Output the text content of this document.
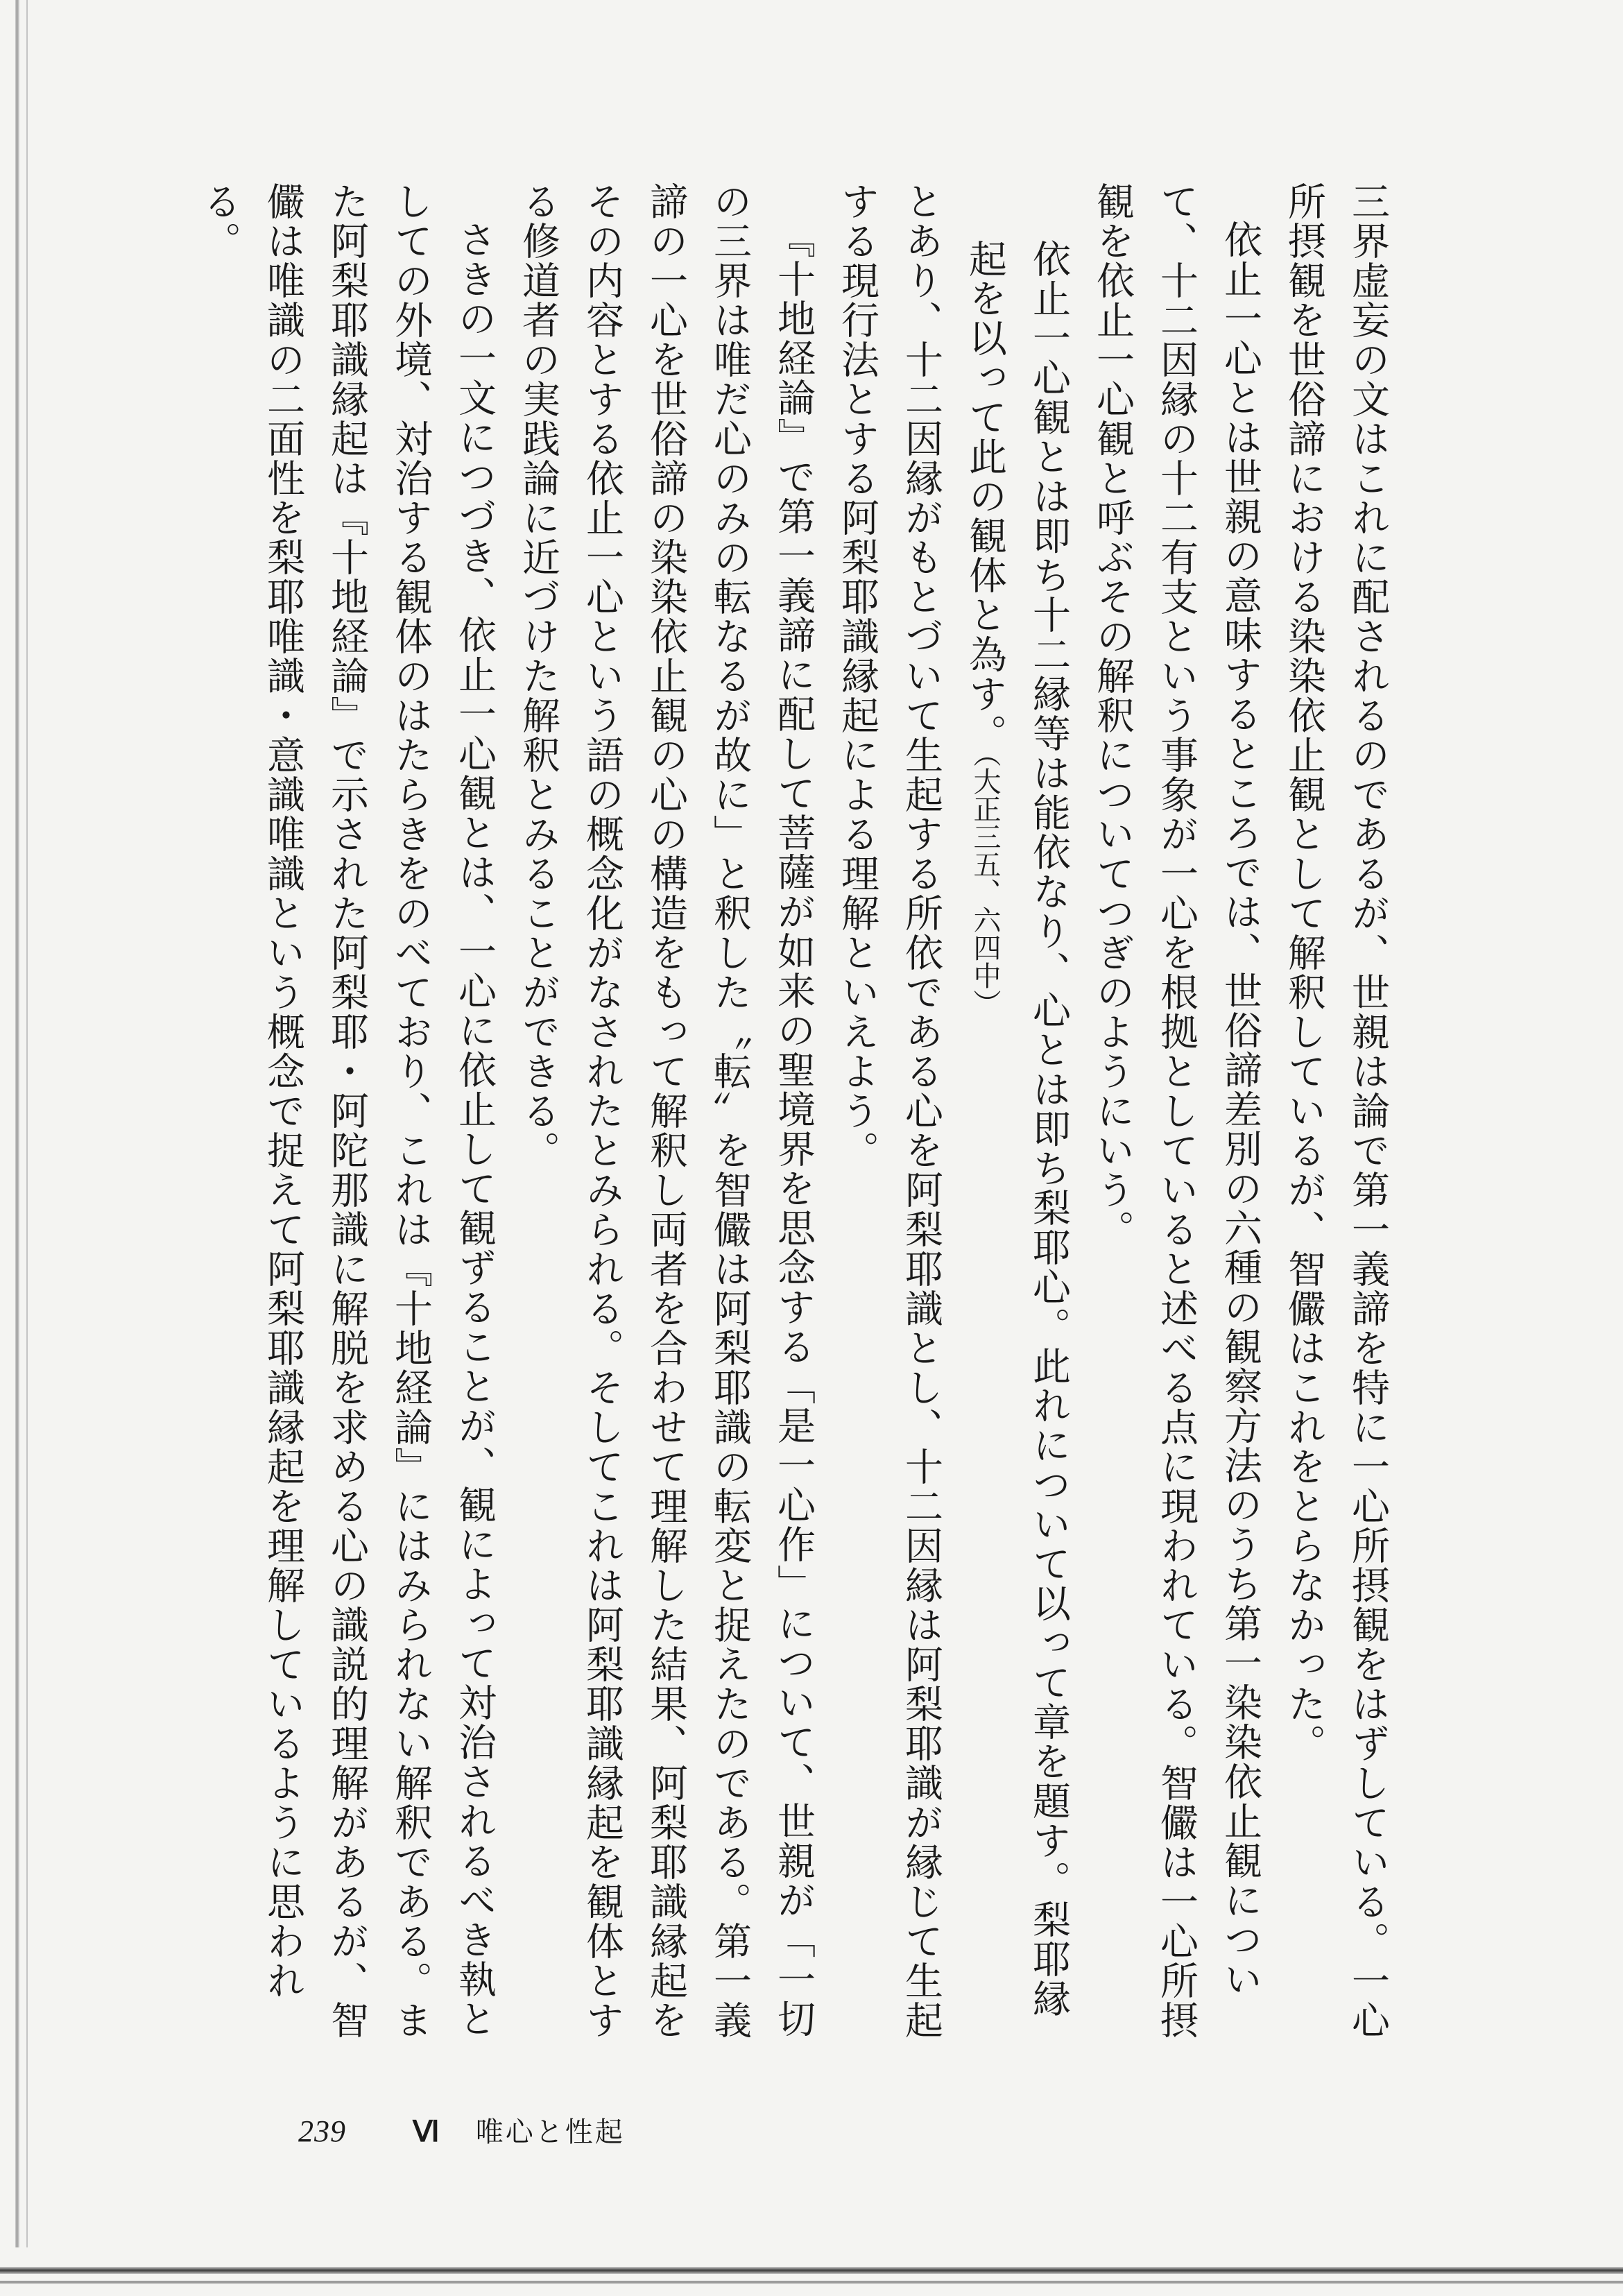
三界虚妄の文はこれに配されるのであるが、世親は論で第一義諦を特に一心所摂観をはずしている。一心所摂観を世俗諦における染染依止観として解釈しているが、智儼はこれをとらなかった。

依止一心とは世親の意味するところでは、世俗諦差別の六種の観察方法のうち第一染染依止観について、十二因縁の十二有支という事象が一心を根拠としていると述べる点に現われている。智儼は一心所摂観を依止一心観と呼ぶその解釈についてつぎのようにいう。

依止一心観とは即ち十二縁等は能依なり、心とは即ち梨耶心。此れについて以って章を題す。梨耶縁起を以って此の観体と為す。（大正三五、六四中）

とあり、十二因縁がもとづいて生起する所依である心を阿梨耶識とし、十二因縁は阿梨耶識が縁じて生起する現行法とする阿梨耶識縁起による理解といえよう。

『十地経論』で第一義諦に配して菩薩が如来の聖境界を思念する「是一心作」について、世親が「一切の三界は唯だ心のみの転なるが故に」と釈した〝転〟を智儼は阿梨耶識の転変と捉えたのである。第一義諦の一心を世俗諦の染染依止観の心の構造をもって解釈し両者を合わせて理解した結果、阿梨耶識縁起をその内容とする依止一心という語の概念化がなされたとみられる。そしてこれは阿梨耶識縁起を観体とする修道者の実践論に近づけた解釈とみることができる。

さきの一文につづき、依止一心観とは、一心に依止して観ずることが、観によって対治されるべき執としての外境、対治する観体のはたらきをのべており、これは『十地経論』にはみられない解釈である。また阿梨耶識縁起は『十地経論』で示された阿梨耶・阿陀那識に解脱を求める心の識説的理解があるが、智儼は唯識の二面性を梨耶唯識・意識唯識という概念で捉えて阿梨耶識縁起を理解しているように思われる。

239 Ⅵ 唯心と性起
